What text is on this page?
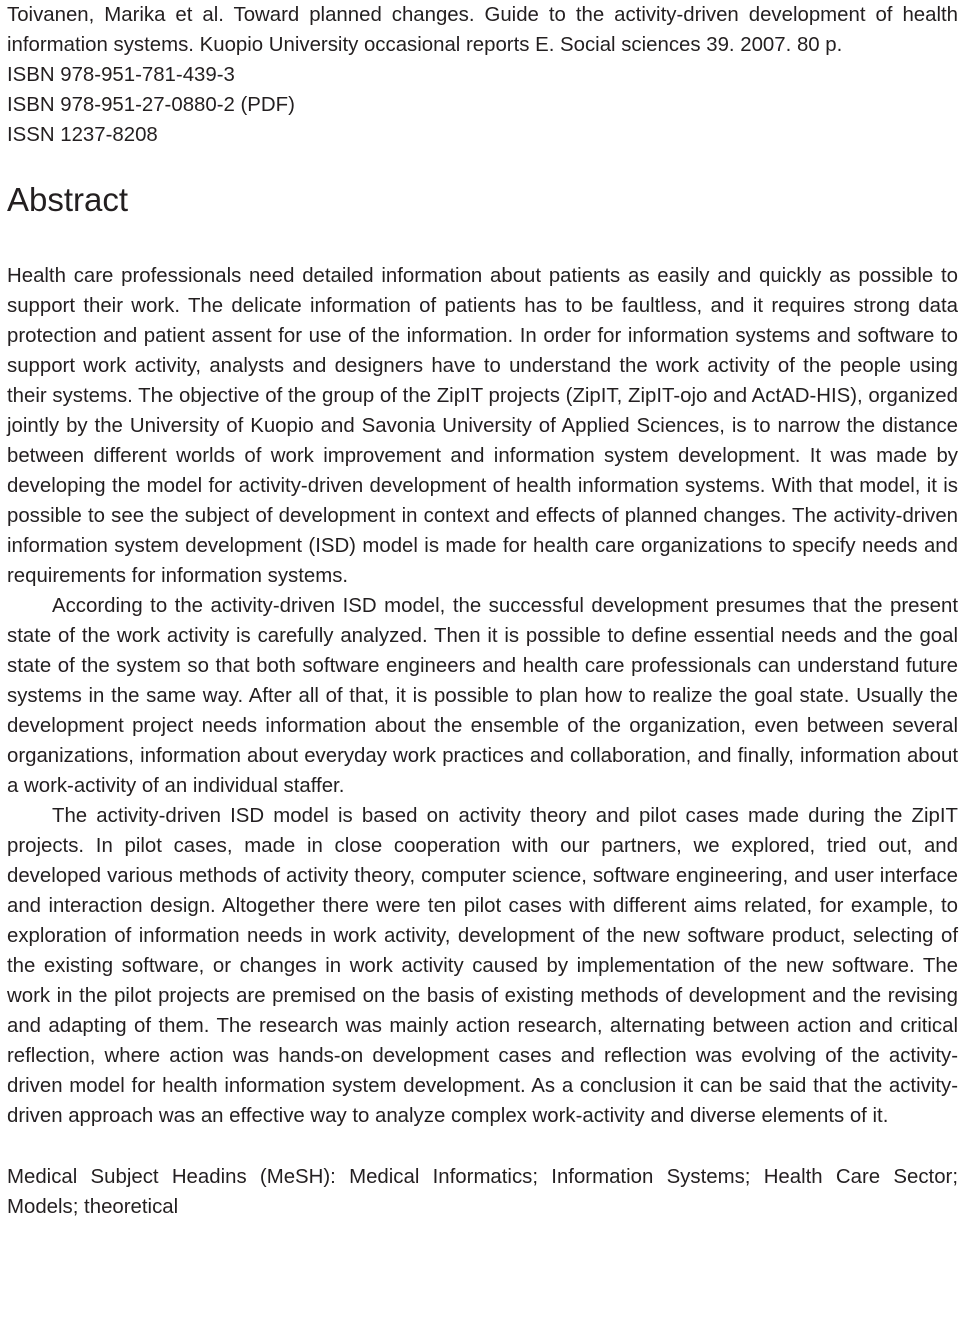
Toivanen, Marika et al. Toward planned changes. Guide to the activity-driven development of health information systems. Kuopio University occasional reports E. Social sciences 39. 2007. 80 p.

ISBN 978-951-781-439-3

ISBN 978-951-27-0880-2 (PDF)

ISSN 1237-8208

Abstract

Health care professionals need detailed information about patients as easily and quickly as possible to support their work. The delicate information of patients has to be faultless, and it requires strong data protection and patient assent for use of the information. In order for information systems and software to support work activity, analysts and designers have to understand the work activity of the people using their systems. The objective of the group of the ZipIT projects (ZipIT, ZipIT-ojo and ActAD-HIS), organized jointly by the University of Kuopio and Savonia University of Applied Sciences, is to narrow the distance between different worlds of work improvement and information system development. It was made by developing the model for activity-driven development of health information systems. With that model, it is possible to see the subject of development in context and effects of planned changes. The activity-driven information system development (ISD) model is made for health care organizations to specify needs and requirements for information systems.

According to the activity-driven ISD model, the successful development presumes that the present state of the work activity is carefully analyzed. Then it is possible to define essential needs and the goal state of the system so that both software engineers and health care professionals can understand future systems in the same way. After all of that, it is possible to plan how to realize the goal state. Usually the development project needs information about the ensemble of the organization, even between several organizations, information about everyday work practices and collaboration, and finally, information about a work-activity of an individual staffer.

The activity-driven ISD model is based on activity theory and pilot cases made during the ZipIT projects. In pilot cases, made in close cooperation with our partners, we explored, tried out, and developed various methods of activity theory, computer science, software engineering, and user interface and interaction design. Altogether there were ten pilot cases with different aims related, for example, to exploration of information needs in work activity, development of the new software product, selecting of the existing software, or changes in work activity caused by implementation of the new software. The work in the pilot projects are premised on the basis of existing methods of development and the revising and adapting of them. The research was mainly action research, alternating between action and critical reflection, where action was hands-on development cases and reflection was evolving of the activity-driven model for health information system development. As a conclusion it can be said that the activity-driven approach was an effective way to analyze complex work-activity and diverse elements of it.

Medical Subject Headins (MeSH): Medical Informatics; Information Systems; Health Care Sector; Models; theoretical
